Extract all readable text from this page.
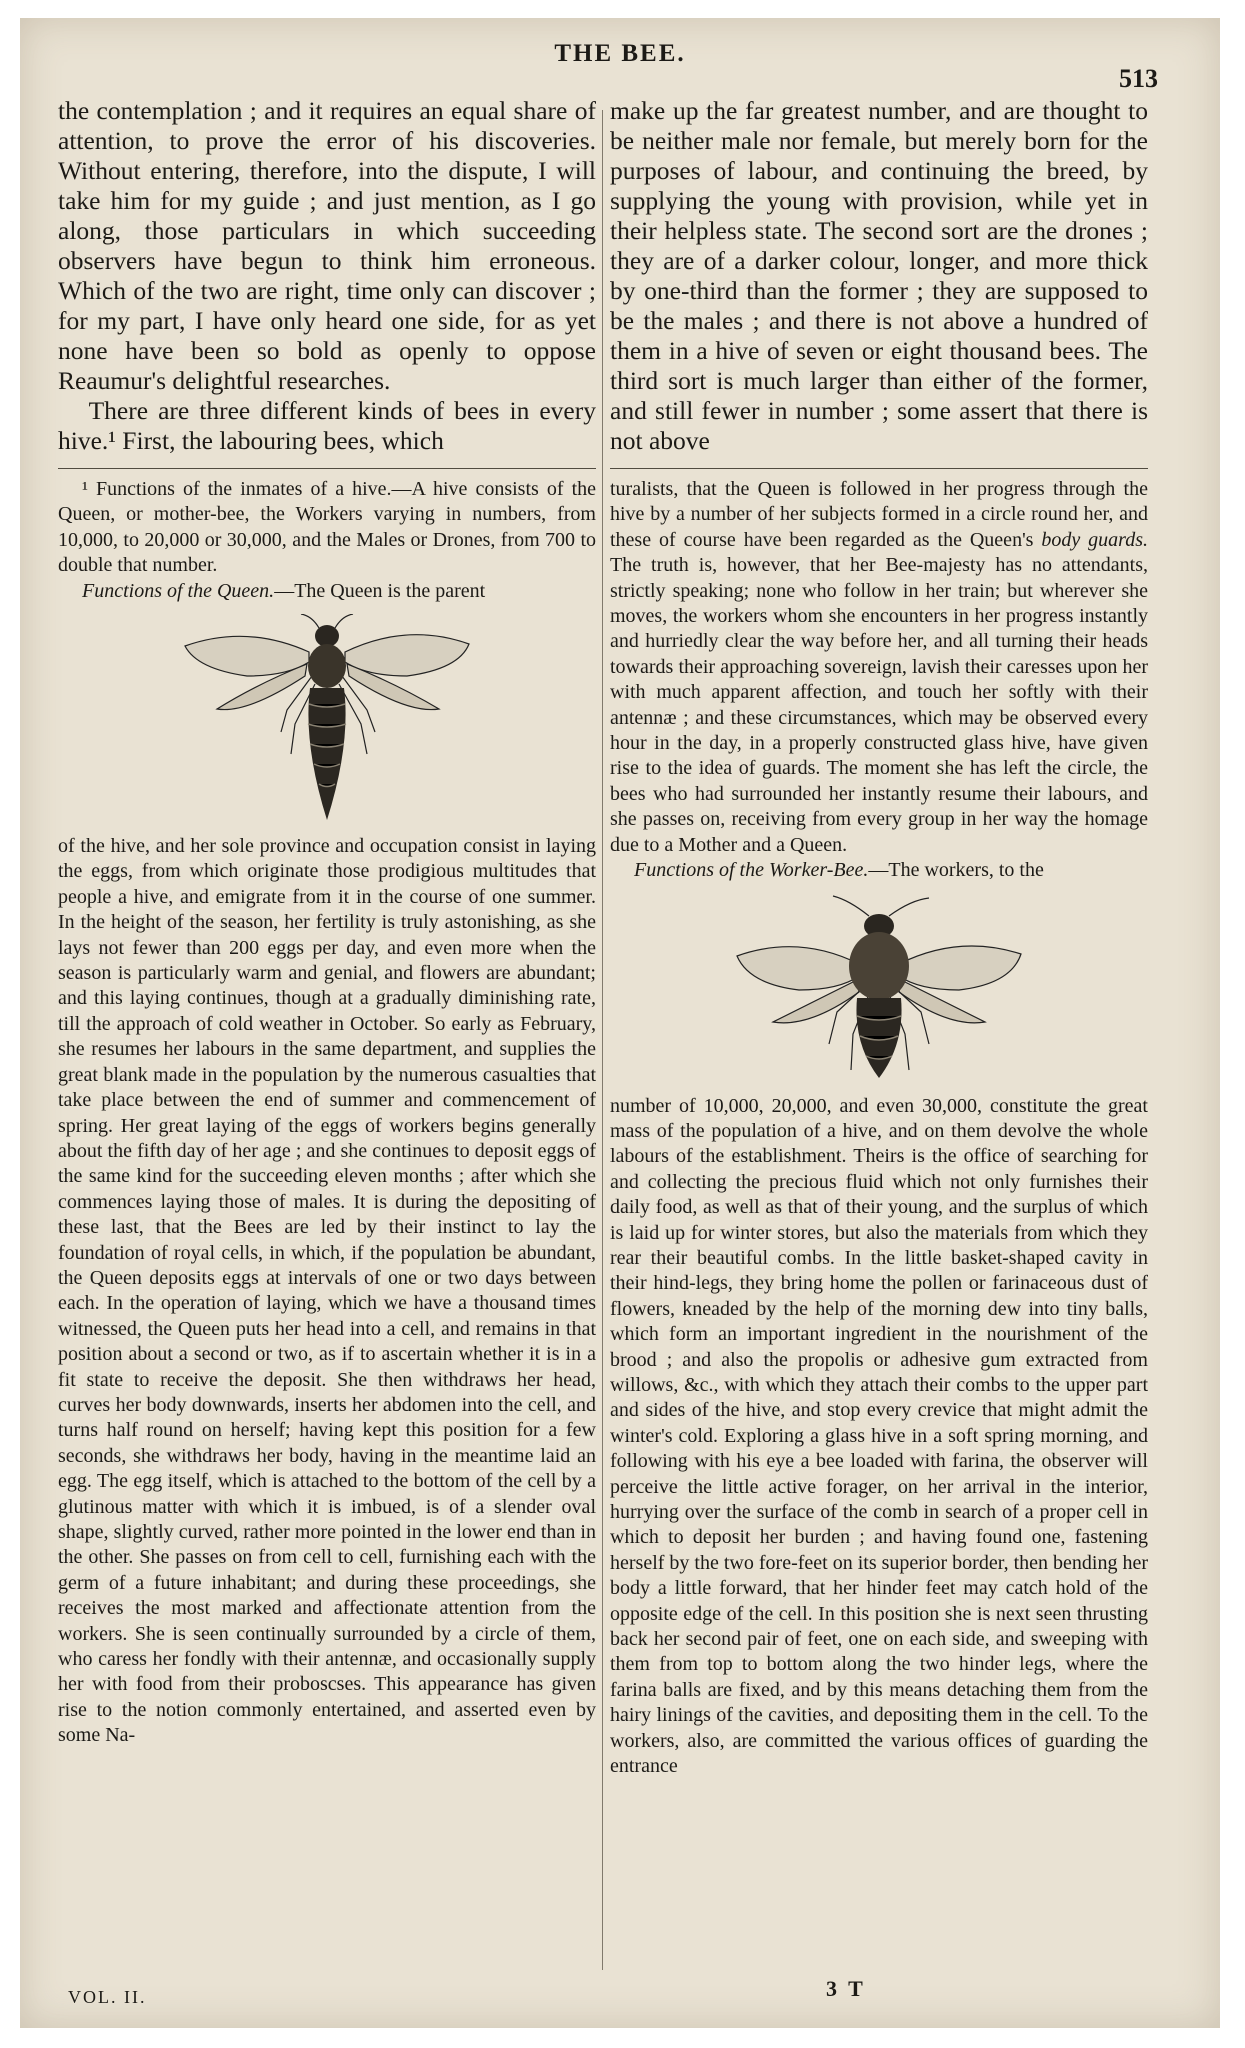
THE BEE.
513

the contemplation ; and it requires an equal share of attention, to prove the error of his discoveries. Without entering, therefore, into the dispute, I will take him for my guide ; and just mention, as I go along, those particulars in which succeeding observers have begun to think him erroneous. Which of the two are right, time only can discover ; for my part, I have only heard one side, for as yet none have been so bold as openly to oppose Reaumur's delightful researches.

There are three different kinds of bees in every hive.¹ First, the labouring bees, which

¹ Functions of the inmates of a hive.—A hive consists of the Queen, or mother-bee, the Workers varying in numbers, from 10,000, to 20,000 or 30,000, and the Males or Drones, from 700 to double that number.

Functions of the Queen.—The Queen is the parent

of the hive, and her sole province and occupation consist in laying the eggs, from which originate those prodigious multitudes that people a hive, and emigrate from it in the course of one summer. In the height of the season, her fertility is truly astonishing, as she lays not fewer than 200 eggs per day, and even more when the season is particularly warm and genial, and flowers are abundant; and this laying continues, though at a gradually diminishing rate, till the approach of cold weather in October. So early as February, she resumes her labours in the same department, and supplies the great blank made in the population by the numerous casualties that take place between the end of summer and commencement of spring. Her great laying of the eggs of workers begins generally about the fifth day of her age ; and she continues to deposit eggs of the same kind for the succeeding eleven months ; after which she commences laying those of males. It is during the depositing of these last, that the Bees are led by their instinct to lay the foundation of royal cells, in which, if the population be abundant, the Queen deposits eggs at intervals of one or two days between each. In the operation of laying, which we have a thousand times witnessed, the Queen puts her head into a cell, and remains in that position about a second or two, as if to ascertain whether it is in a fit state to receive the deposit. She then withdraws her head, curves her body downwards, inserts her abdomen into the cell, and turns half round on herself; having kept this position for a few seconds, she withdraws her body, having in the meantime laid an egg. The egg itself, which is attached to the bottom of the cell by a glutinous matter with which it is imbued, is of a slender oval shape, slightly curved, rather more pointed in the lower end than in the other. She passes on from cell to cell, furnishing each with the germ of a future inhabitant; and during these proceedings, she receives the most marked and affectionate attention from the workers. She is seen continually surrounded by a circle of them, who caress her fondly with their antennæ, and occasionally supply her with food from their proboscses. This appearance has given rise to the notion commonly entertained, and asserted even by some Na-

make up the far greatest number, and are thought to be neither male nor female, but merely born for the purposes of labour, and continuing the breed, by supplying the young with provision, while yet in their helpless state. The second sort are the drones ; they are of a darker colour, longer, and more thick by one-third than the former ; they are supposed to be the males ; and there is not above a hundred of them in a hive of seven or eight thousand bees. The third sort is much larger than either of the former, and still fewer in number ; some assert that there is not above

turalists, that the Queen is followed in her progress through the hive by a number of her subjects formed in a circle round her, and these of course have been regarded as the Queen's body guards. The truth is, however, that her Bee-majesty has no attendants, strictly speaking; none who follow in her train; but wherever she moves, the workers whom she encounters in her progress instantly and hurriedly clear the way before her, and all turning their heads towards their approaching sovereign, lavish their caresses upon her with much apparent affection, and touch her softly with their antennæ ; and these circumstances, which may be observed every hour in the day, in a properly constructed glass hive, have given rise to the idea of guards. The moment she has left the circle, the bees who had surrounded her instantly resume their labours, and she passes on, receiving from every group in her way the homage due to a Mother and a Queen.

Functions of the Worker-Bee.—The workers, to the

number of 10,000, 20,000, and even 30,000, constitute the great mass of the population of a hive, and on them devolve the whole labours of the establishment. Theirs is the office of searching for and collecting the precious fluid which not only furnishes their daily food, as well as that of their young, and the surplus of which is laid up for winter stores, but also the materials from which they rear their beautiful combs. In the little basket-shaped cavity in their hind-legs, they bring home the pollen or farinaceous dust of flowers, kneaded by the help of the morning dew into tiny balls, which form an important ingredient in the nourishment of the brood ; and also the propolis or adhesive gum extracted from willows, &c., with which they attach their combs to the upper part and sides of the hive, and stop every crevice that might admit the winter's cold. Exploring a glass hive in a soft spring morning, and following with his eye a bee loaded with farina, the observer will perceive the little active forager, on her arrival in the interior, hurrying over the surface of the comb in search of a proper cell in which to deposit her burden ; and having found one, fastening herself by the two fore-feet on its superior border, then bending her body a little forward, that her hinder feet may catch hold of the opposite edge of the cell. In this position she is next seen thrusting back her second pair of feet, one on each side, and sweeping with them from top to bottom along the two hinder legs, where the farina balls are fixed, and by this means detaching them from the hairy linings of the cavities, and depositing them in the cell. To the workers, also, are committed the various offices of guarding the entrance

VOL. II.	3 T
